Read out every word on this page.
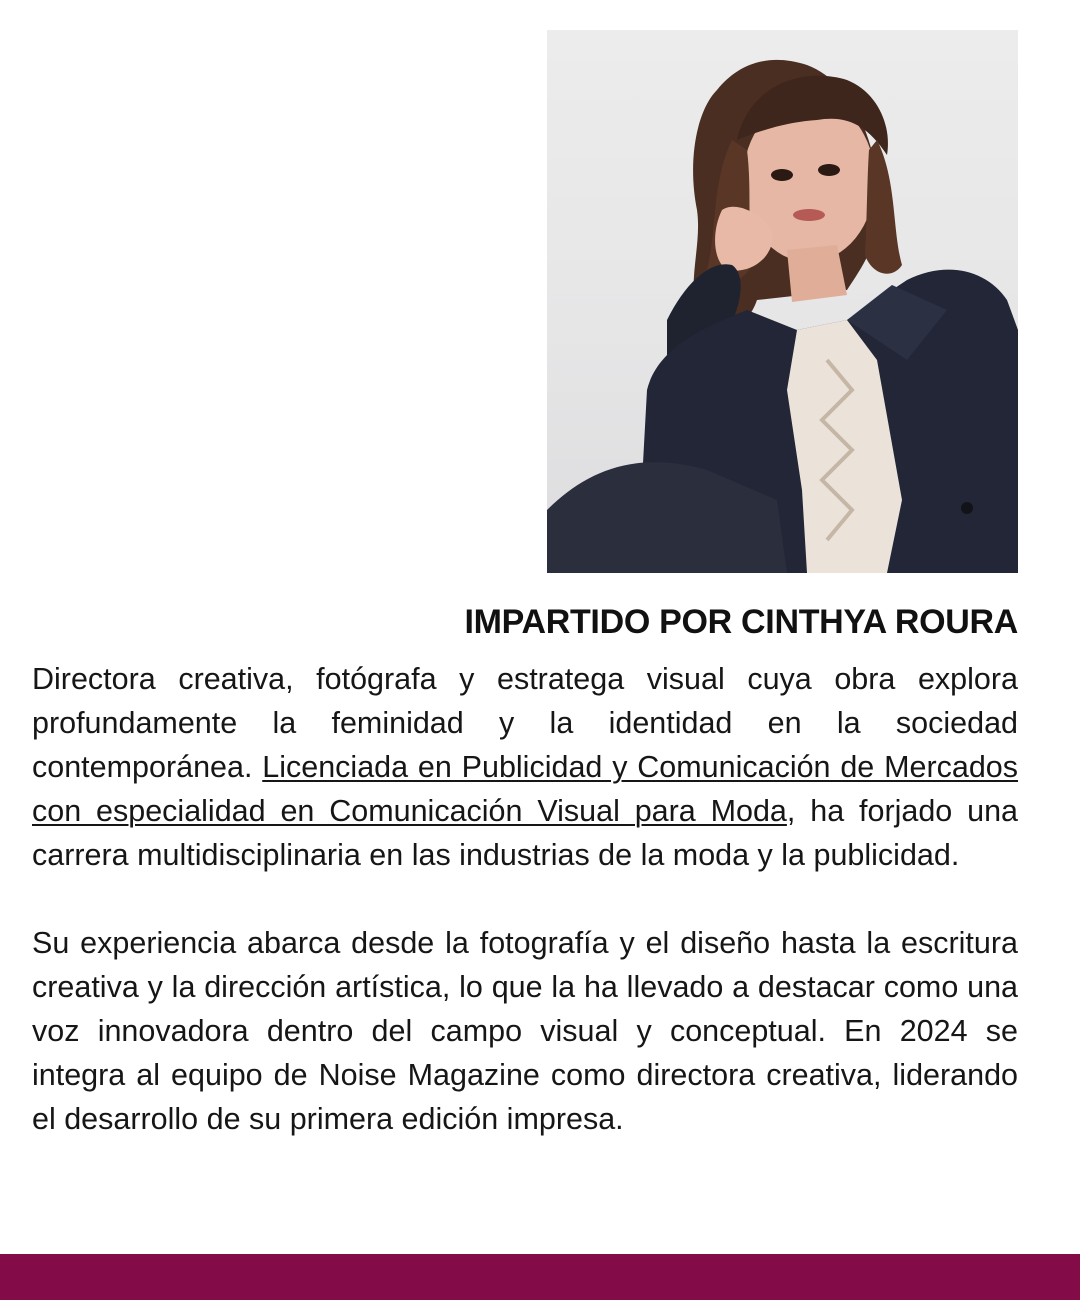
IMPARTIDO POR CINTHYA ROURA

Directora creativa, fotógrafa y estratega visual cuya obra explora profundamente la feminidad y la identidad en la sociedad contemporánea. Licenciada en Publicidad y Comunicación de Mercados con especialidad en Comunicación Visual para Moda, ha forjado una carrera multidisciplinaria en las industrias de la moda y la publicidad.

Su experiencia abarca desde la fotografía y el diseño hasta la escritura creativa y la dirección artística, lo que la ha llevado a destacar como una voz innovadora dentro del campo visual y conceptual. En 2024 se integra al equipo de Noise Magazine como directora creativa, liderando el desarrollo de su primera edición impresa.
